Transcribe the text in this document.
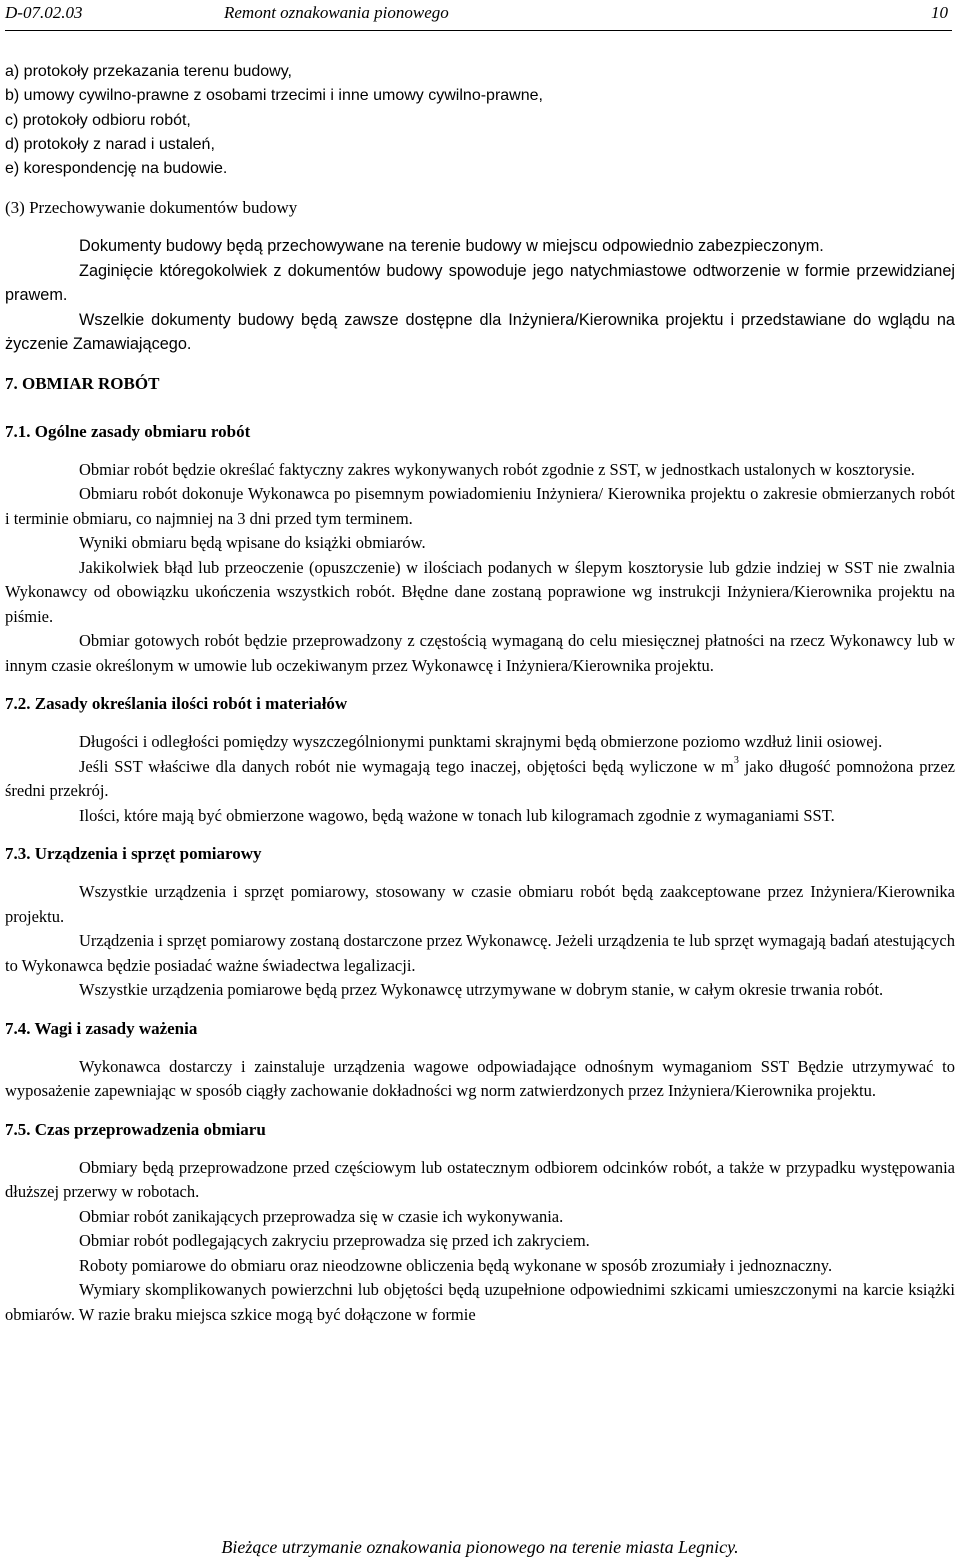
D-07.02.03	Remont oznakowania pionowego	10
a) protokoły przekazania terenu budowy,
b) umowy cywilno-prawne z osobami trzecimi i inne umowy cywilno-prawne,
c) protokoły odbioru robót,
d) protokoły z narad i ustaleń,
e) korespondencję na budowie.
(3) Przechowywanie dokumentów budowy

Dokumenty budowy będą przechowywane na terenie budowy w miejscu odpowiednio zabezpieczonym.

Zaginięcie któregokolwiek z dokumentów budowy spowoduje jego natychmiastowe odtworzenie w formie przewidzianej prawem.

Wszelkie dokumenty budowy będą zawsze dostępne dla Inżyniera/Kierownika projektu i przedstawiane do wglądu na życzenie Zamawiającego.

7. OBMIAR ROBÓT
7.1. Ogólne zasady obmiaru robót

Obmiar robót będzie określać faktyczny zakres wykonywanych robót zgodnie z SST, w jednostkach ustalonych w kosztorysie.

Obmiaru robót dokonuje Wykonawca po pisemnym powiadomieniu Inżyniera/ Kierownika projektu o zakresie obmierzanych robót i terminie obmiaru, co najmniej na 3 dni przed tym terminem.

Wyniki obmiaru będą wpisane do książki obmiarów.

Jakikolwiek błąd lub przeoczenie (opuszczenie) w ilościach podanych w ślepym kosztorysie lub gdzie indziej w SST nie zwalnia Wykonawcy od obowiązku ukończenia wszystkich robót. Błędne dane zostaną poprawione wg instrukcji Inżyniera/Kierownika projektu na piśmie.

Obmiar gotowych robót będzie przeprowadzony z częstością wymaganą do celu miesięcznej płatności na rzecz Wykonawcy lub w innym czasie określonym w umowie lub oczekiwanym przez Wykonawcę i Inżyniera/Kierownika projektu.

7.2. Zasady określania ilości robót i materiałów

Długości i odległości pomiędzy wyszczególnionymi punktami skrajnymi będą obmierzone poziomo wzdłuż linii osiowej.

Jeśli SST właściwe dla danych robót nie wymagają tego inaczej, objętości będą wyliczone w $m^3$ jako długość pomnożona przez średni przekrój.

Ilości, które mają być obmierzone wagowo, będą ważone w tonach lub kilogramach zgodnie z wymaganiami SST.

7.3. Urządzenia i sprzęt pomiarowy

Wszystkie urządzenia i sprzęt pomiarowy, stosowany w czasie obmiaru robót będą zaakceptowane przez Inżyniera/Kierownika projektu.

Urządzenia i sprzęt pomiarowy zostaną dostarczone przez Wykonawcę. Jeżeli urządzenia te lub sprzęt wymagają badań atestujących to Wykonawca będzie posiadać ważne świadectwa legalizacji.

Wszystkie urządzenia pomiarowe będą przez Wykonawcę utrzymywane w dobrym stanie, w całym okresie trwania robót.

7.4. Wagi i zasady ważenia

Wykonawca dostarczy i zainstaluje urządzenia wagowe odpowiadające odnośnym wymaganiom SST Będzie utrzymywać to wyposażenie zapewniając w sposób ciągły zachowanie dokładności wg norm zatwierdzonych przez Inżyniera/Kierownika projektu.

7.5. Czas przeprowadzenia obmiaru

Obmiary będą przeprowadzone przed częściowym lub ostatecznym odbiorem odcinków robót, a także w przypadku występowania dłuższej przerwy w robotach.

Obmiar robót zanikających przeprowadza się w czasie ich wykonywania.

Obmiar robót podlegających zakryciu przeprowadza się przed ich zakryciem.

Roboty pomiarowe do obmiaru oraz nieodzowne obliczenia będą wykonane w sposób zrozumiały i jednoznaczny.

Wymiary skomplikowanych powierzchni lub objętości będą uzupełnione odpowiednimi szkicami umieszczonymi na karcie książki obmiarów. W razie braku miejsca szkice mogą być dołączone w formie

Bieżące utrzymanie oznakowania pionowego na terenie miasta Legnicy.
